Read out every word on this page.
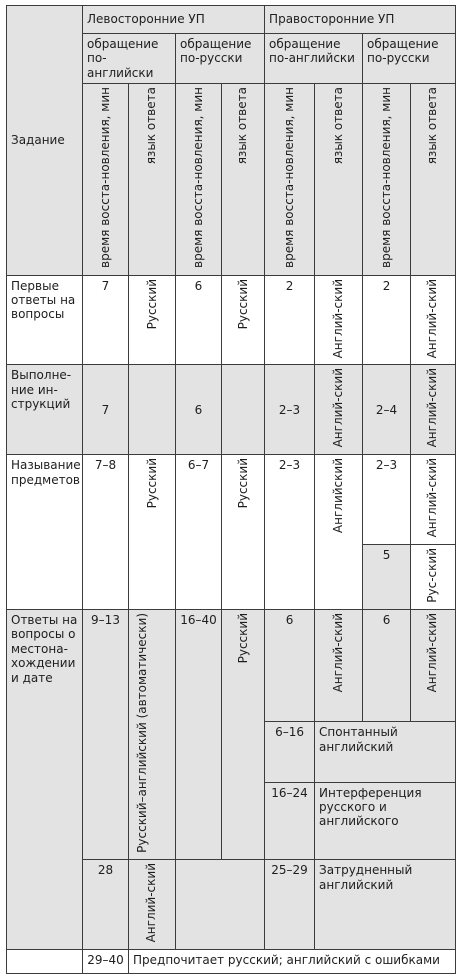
Задание	Левосторонние УП				Правосторонние УП			
	обращение по-английски		обращение по-русски		обращение по-английски		обращение по-русски	
	время восста-новления, мин	язык ответа	время восста-новления, мин	язык ответа	время восста-новления, мин	язык ответа	время восста-новления, мин	язык ответа
Первые ответы на вопросы	7	Русский	6	Русский	2	Англий-ский	2	Англий-ский
Выполне-ние ин-струкций	7		6		2–3	Англий-ский	2–4	Англий-ский
Называние предметов	7–8	Русский	6–7	Русский	2–3	Английский	2–3	Англий-ский
							5	Рус-ский
Ответы на вопросы о местона-хождении и дате	9–13	Русский–английский (автоматически)	16–40	Русский	6	Англий-ский	6	Англий-ский
					6–16	Спонтанный английский		
					16–24	Интерференция русского и английского		
	28	Англий-ский			25–29	Затрудненный английский		
	29–40	Предпочитает русский; английский с ошибками						
